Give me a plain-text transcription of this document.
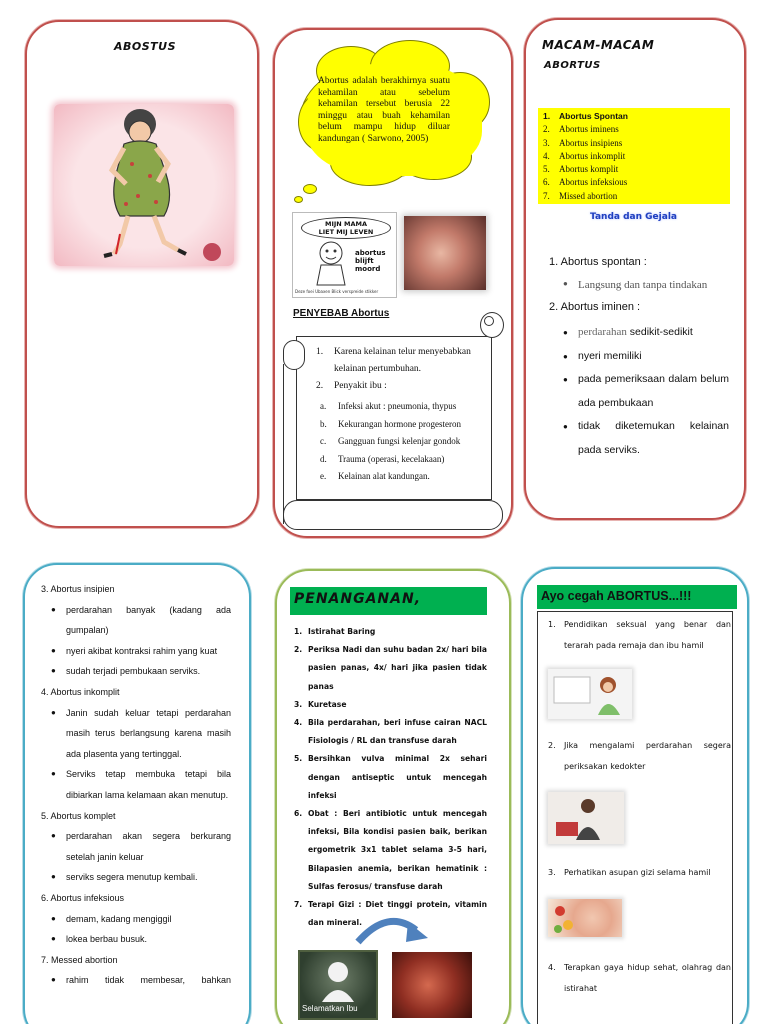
ABOSTUS
Abortus adalah berakhirnya suatu kehamilan atau sebelum kehamilan tersebut berusia 22 minggu atau buah kehamilan belum mampu hidup diluar kandungan ( Sarwono, 2005)
MIJN MAMA
LIET MIJ LEVEN
abortus
blijft
moord
Deze foei Ubaxen Blick verspreide stikker
PENYEBAB Abortus
1.	Karena kelainan telur menyebabkan kelainan pertumbuhan.
2.	Penyakit ibu :
a.	Infeksi akut : pneumonia, thypus
b.	Kekurangan hormone progesteron
c.	Gangguan fungsi kelenjar gondok
d.	Trauma (operasi, kecelakaan)
e.	Kelainan alat kandungan.
MACAM-MACAM
ABORTUS
1.	Abortus Spontan
2.	Abortus iminens
3.	Abortus insipiens
4.	Abortus inkomplit
5.	Abortus komplit
6.	Abortus infeksious
7.	Missed abortion
Tanda dan Gejala
1. Abortus spontan :
● Langsung dan tanpa tindakan
2. Abortus iminen :
● perdarahan sedikit-sedikit
● nyeri memiliki
● pada pemeriksaan dalam belum ada pembukaan
● tidak diketemukan kelainan pada serviks.
3. Abortus insipien
● perdarahan banyak (kadang ada gumpalan)
● nyeri akibat kontraksi rahim yang kuat
● sudah terjadi pembukaan serviks.
4. Abortus inkomplit
● Janin sudah keluar tetapi perdarahan masih terus berlangsung karena masih ada plasenta yang tertinggal.
● Serviks tetap membuka tetapi bila dibiarkan lama kelamaan akan menutup.
5. Abortus komplet
● perdarahan akan segera berkurang setelah janin keluar
● serviks segera menutup kembali.
6. Abortus infeksious
● demam, kadang mengiggil
● lokea berbau busuk.
7. Messed abortion
● rahim tidak membesar, bahkan
PENANGANAN,
1. Istirahat Baring
2. Periksa Nadi dan suhu badan 2x/ hari bila pasien panas, 4x/ hari jika pasien tidak panas
3. Kuretase
4. Bila perdarahan, beri infuse cairan NACL Fisiologis / RL dan transfuse darah
5. Bersihkan vulva minimal 2x sehari dengan antiseptic untuk mencegah infeksi
6. Obat : Beri antibiotic untuk mencegah infeksi, Bila kondisi pasien baik, berikan ergometrik 3x1 tablet selama 3-5 hari, Bilapasien anemia, berikan hematinik : Sulfas ferosus/ transfuse darah
7. Terapi Gizi : Diet tinggi protein, vitamin dan mineral.
Selamatkan Ibu
Ayo cegah ABORTUS...!!!
1.	Pendidikan seksual yang benar dan terarah pada remaja dan ibu hamil
2.	Jika mengalami perdarahan segera periksakan kedokter
3.	Perhatikan asupan gizi selama hamil
4.	Terapkan gaya hidup sehat, olahrag dan istirahat
